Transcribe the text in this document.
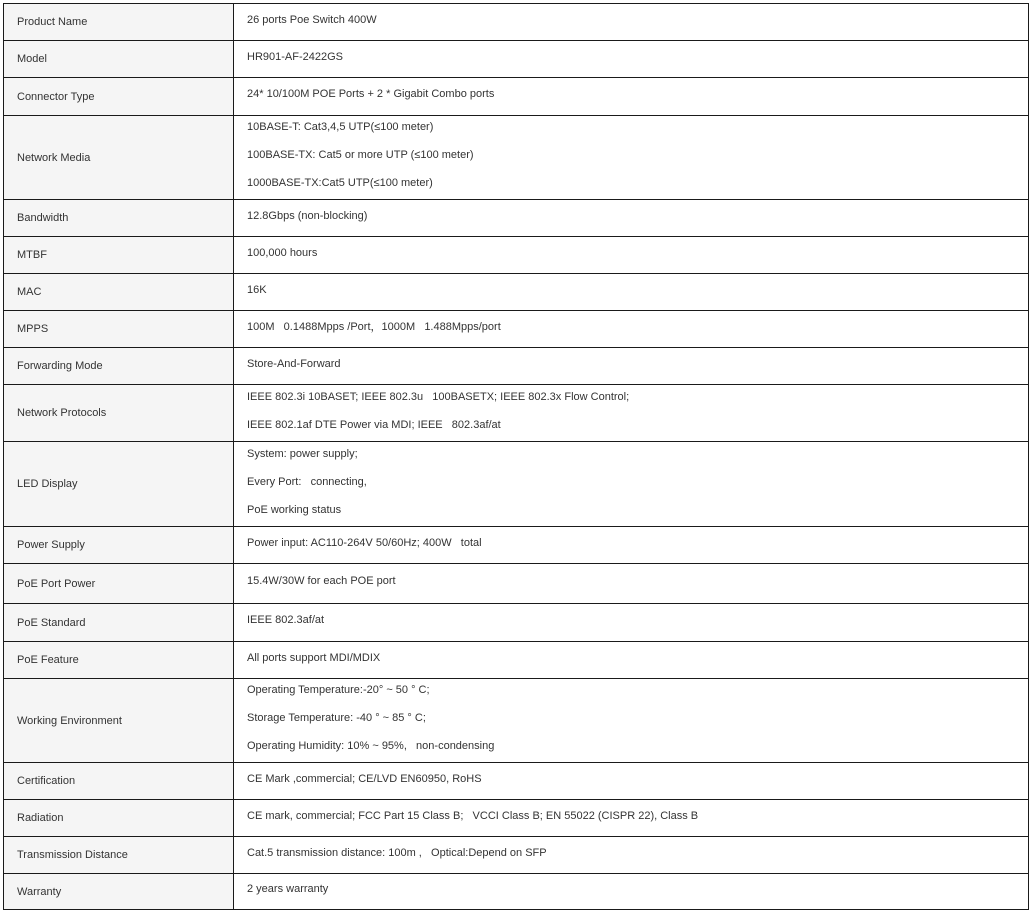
Product Name	26 ports Poe Switch 400W

Model	HR901-AF-2422GS

Connector Type	24* 10/100M POE Ports + 2 * Gigabit Combo ports

Network Media	10BASE-T: Cat3,4,5 UTP(≤100 meter)
100BASE-TX: Cat5 or more UTP (≤100 meter)
1000BASE-TX:Cat5 UTP(≤100 meter)

Bandwidth	12.8Gbps (non-blocking)

MTBF	100,000 hours

MAC	16K

MPPS	100M   0.1488Mpps /Port，1000M   1.488Mpps/port

Forwarding Mode	Store-And-Forward

Network Protocols	IEEE 802.3i 10BASET; IEEE 802.3u   100BASETX; IEEE 802.3x Flow Control;
IEEE 802.1af DTE Power via MDI; IEEE   802.3af/at

LED Display	System: power supply;
Every Port:   connecting,
PoE working status

Power Supply	Power input: AC110-264V 50/60Hz; 400W   total

PoE Port Power	15.4W/30W for each POE port

PoE Standard	IEEE 802.3af/at

PoE Feature	All ports support MDI/MDIX

Working Environment	Operating Temperature:-20° ~ 50 ° C;
Storage Temperature: -40 ° ~ 85 ° C;
Operating Humidity: 10% ~ 95%,   non-condensing

Certification	CE Mark ,commercial; CE/LVD EN60950, RoHS

Radiation	CE mark, commercial; FCC Part 15 Class B;   VCCI Class B; EN 55022 (CISPR 22), Class B

Transmission Distance	Cat.5 transmission distance: 100m ,   Optical:Depend on SFP

Warranty	2 years warranty
